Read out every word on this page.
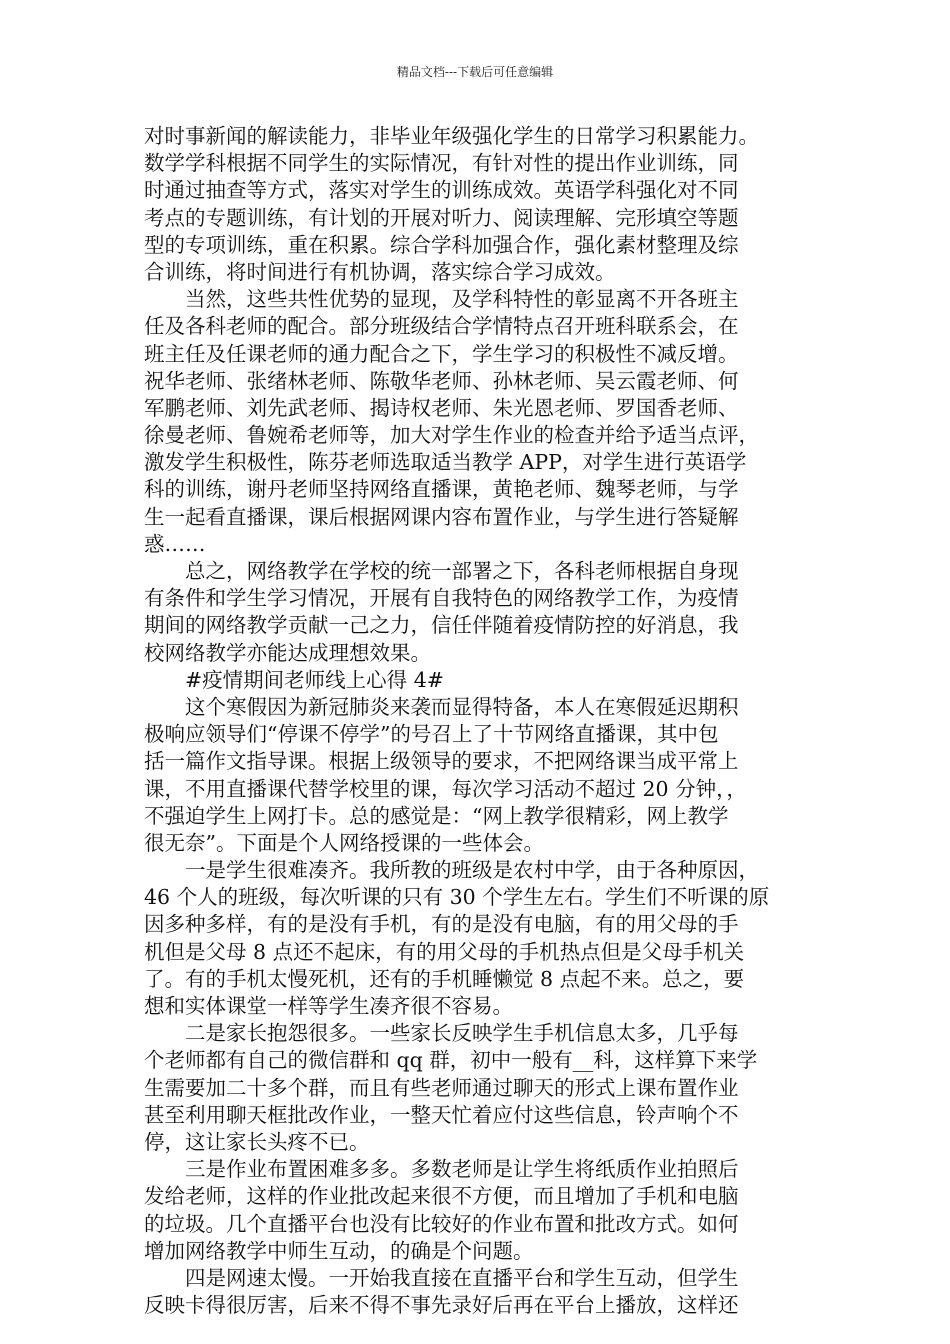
精品文档---下载后可任意编辑
对时事新闻的解读能力，非毕业年级强化学生的日常学习积累能力。
数学学科根据不同学生的实际情况，有针对性的提出作业训练，同
时通过抽查等方式，落实对学生的训练成效。英语学科强化对不同
考点的专题训练，有计划的开展对听力、阅读理解、完形填空等题
型的专项训练，重在积累。综合学科加强合作，强化素材整理及综
合训练，将时间进行有机协调，落实综合学习成效。
当然，这些共性优势的显现，及学科特性的彰显离不开各班主
任及各科老师的配合。部分班级结合学情特点召开班科联系会，在
班主任及任课老师的通力配合之下，学生学习的积极性不减反增。
祝华老师、张绪林老师、陈敬华老师、孙林老师、吴云霞老师、何
军鹏老师、刘先武老师、揭诗权老师、朱光恩老师、罗国香老师、
徐曼老师、鲁婉希老师等，加大对学生作业的检查并给予适当点评，
激发学生积极性，陈芬老师选取适当教学 APP，对学生进行英语学
科的训练，谢丹老师坚持网络直播课，黄艳老师、魏琴老师，与学
生一起看直播课，课后根据网课内容布置作业，与学生进行答疑解
惑……
总之，网络教学在学校的统一部署之下，各科老师根据自身现
有条件和学生学习情况，开展有自我特色的网络教学工作，为疫情
期间的网络教学贡献一己之力，信任伴随着疫情防控的好消息，我
校网络教学亦能达成理想效果。
#疫情期间老师线上心得 4#
这个寒假因为新冠肺炎来袭而显得特备，本人在寒假延迟期积
极响应领导们“停课不停学”的号召上了十节网络直播课，其中包
括一篇作文指导课。根据上级领导的要求，不把网络课当成平常上
课，不用直播课代替学校里的课，每次学习活动不超过 20 分钟，，
不强迫学生上网打卡。总的感觉是：“网上教学很精彩，网上教学
很无奈”。下面是个人网络授课的一些体会。
一是学生很难凑齐。我所教的班级是农村中学，由于各种原因，
46 个人的班级，每次听课的只有 30 个学生左右。学生们不听课的原
因多种多样，有的是没有手机，有的是没有电脑，有的用父母的手
机但是父母 8 点还不起床，有的用父母的手机热点但是父母手机关
了。有的手机太慢死机，还有的手机睡懒觉 8 点起不来。总之，要
想和实体课堂一样等学生凑齐很不容易。
二是家长抱怨很多。一些家长反映学生手机信息太多，几乎每
个老师都有自己的微信群和 qq 群，初中一般有__科，这样算下来学
生需要加二十多个群，而且有些老师通过聊天的形式上课布置作业
甚至利用聊天框批改作业，一整天忙着应付这些信息，铃声响个不
停，这让家长头疼不已。
三是作业布置困难多多。多数老师是让学生将纸质作业拍照后
发给老师，这样的作业批改起来很不方便，而且增加了手机和电脑
的垃圾。几个直播平台也没有比较好的作业布置和批改方式。如何
增加网络教学中师生互动，的确是个问题。
四是网速太慢。一开始我直接在直播平台和学生互动，但学生
反映卡得很厉害，后来不得不事先录好后再在平台上播放，这样还
